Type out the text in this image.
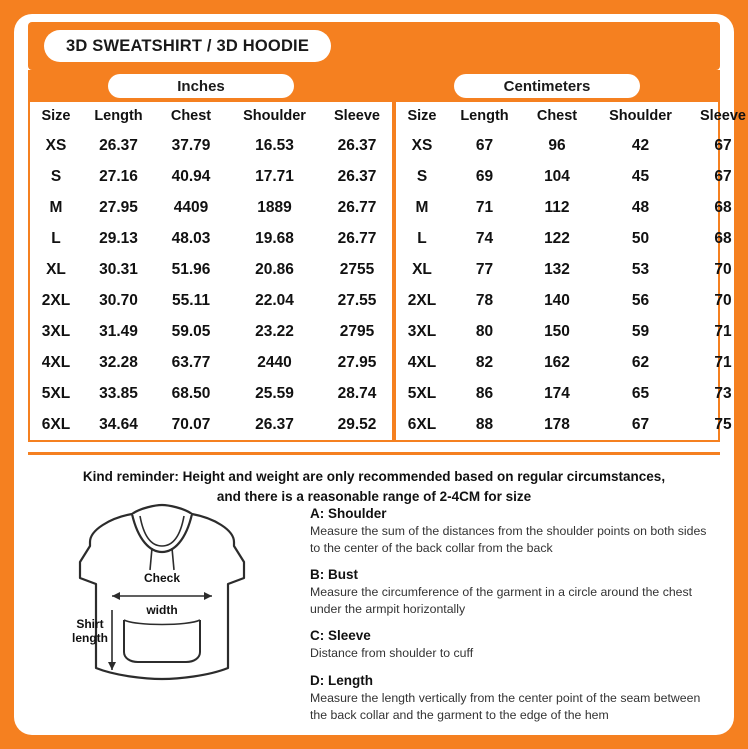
3D SWEATSHIRT / 3D HOODIE
Inches	Centimeters
Size	Length	Chest	Shoulder	Sleeve		Size	Length	Chest	Shoulder	Sleeve
XS	26.37	37.79	16.53	26.37		XS	67	96	42	67
S	27.16	40.94	17.71	26.37		S	69	104	45	67
M	27.95	4409	1889	26.77		M	71	112	48	68
L	29.13	48.03	19.68	26.77		L	74	122	50	68
XL	30.31	51.96	20.86	2755		XL	77	132	53	70
2XL	30.70	55.11	22.04	27.55		2XL	78	140	56	70
3XL	31.49	59.05	23.22	2795		3XL	80	150	59	71
4XL	32.28	63.77	2440	27.95		4XL	82	162	62	71
5XL	33.85	68.50	25.59	28.74		5XL	86	174	65	73
6XL	34.64	70.07	26.37	29.52		6XL	88	178	67	75

Kind reminder: Height and weight are only recommended based on regular circumstances,

and there is a reasonable range of 2-4CM for size

Check
width
Shirt
length
A: Shoulder
Measure the sum of the distances from the shoulder points on both sides to the center of the back collar from the back
B: Bust
Measure the circumference of the garment in a circle around the chest under the armpit horizontally
C: Sleeve
Distance from shoulder to cuff
D: Length
Measure the length vertically from the center point of the seam between the back collar and the garment to the edge of the hem
